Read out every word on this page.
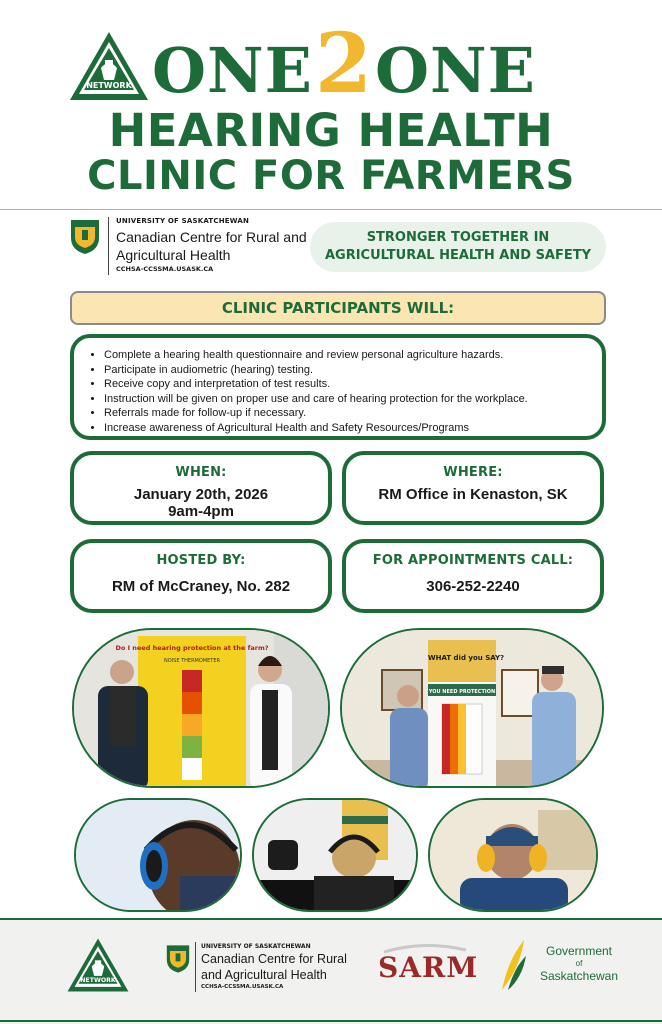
NETWORK ONE 2 ONE
HEARING HEALTH
CLINIC FOR FARMERS
UNIVERSITY OF SASKATCHEWAN
Canadian Centre for Rural and Agricultural Health
CCHSA-CCSSMA.USASK.CA
STRONGER TOGETHER IN AGRICULTURAL HEALTH AND SAFETY
CLINIC PARTICIPANTS WILL:
• Complete a hearing health questionnaire and review personal agriculture hazards.
• Participate in audiometric (hearing) testing.
• Receive copy and interpretation of test results.
• Instruction will be given on proper use and care of hearing protection for the workplace.
• Referrals made for follow-up if necessary.
• Increase awareness of Agricultural Health and Safety Resources/Programs
WHEN:
January 20th, 2026
9am-4pm
WHERE:
RM Office in Kenaston, SK
HOSTED BY:
RM of McCraney, No. 282
FOR APPOINTMENTS CALL:
306-252-2240
Do I need hearing protection at the farm?
NOISE THERMOMETER	WHAT did you SAY?
YOU NEED PROTECTION
NETWORK
UNIVERSITY OF SASKATCHEWAN
Canadian Centre for Rural and Agricultural Health
CCHSA-CCSSMA.USASK.CA
SARM	Government
of
Saskatchewan
